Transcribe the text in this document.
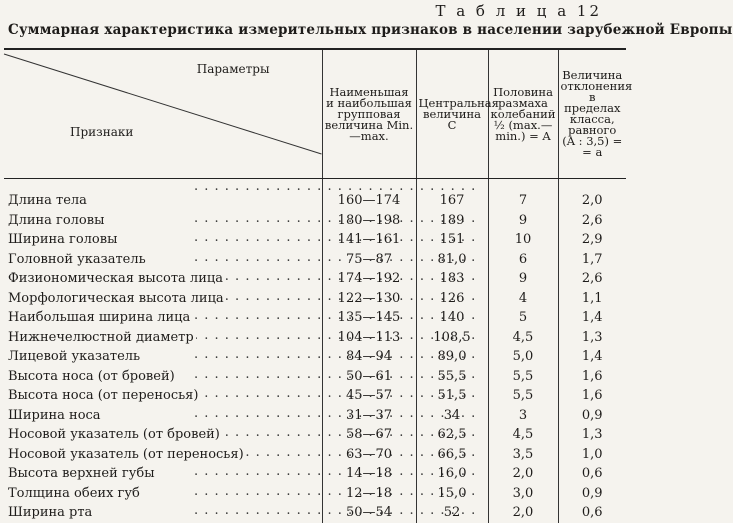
Т а б л и ц а 12
Суммарная характеристика измерительных признаков в населении зарубежной Европы
Параметры
Признаки	Наименьшая и наибольшая групповая величина Min.—max.	Центральная величина C	Половина размаха колебаний ½ (max.— min.) = A	Величина отклонения в пределах класса, равного (A : 3,5) = = a
Длина тела . . .	160—174	167	7	2,0
Длина головы . . .	180—198	189	9	2,6
Ширина головы . . .	141—161	151	10	2,9
Головной указатель . . .	75—87	81,0	6	1,7
Физиономическая высота лица . . .	174—192	183	9	2,6
Морфологическая высота лица . . .	122—130	126	4	1,1
Наибольшая ширина лица . . .	135—145	140	5	1,4
Нижнечелюстной диаметр . . .	104—113	108,5	4,5	1,3
Лицевой указатель . . .	84—94	89,0	5,0	1,4
Высота носа (от бровей) . . .	50—61	55,5	5,5	1,6
Высота носа (от переносья) . . .	45—57	51,5	5,5	1,6
Ширина носа . . .	31—37	34	3	0,9
Носовой указатель (от бровей) . . .	58—67	62,5	4,5	1,3
Носовой указатель (от переносья) . . .	63—70	66,5	3,5	1,0
Высота верхней губы . . .	14—18	16,0	2,0	0,6
Толщина обеих губ . . .	12—18	15,0	3,0	0,9
Ширина рта . . .	50—54	52	2,0	0,6
